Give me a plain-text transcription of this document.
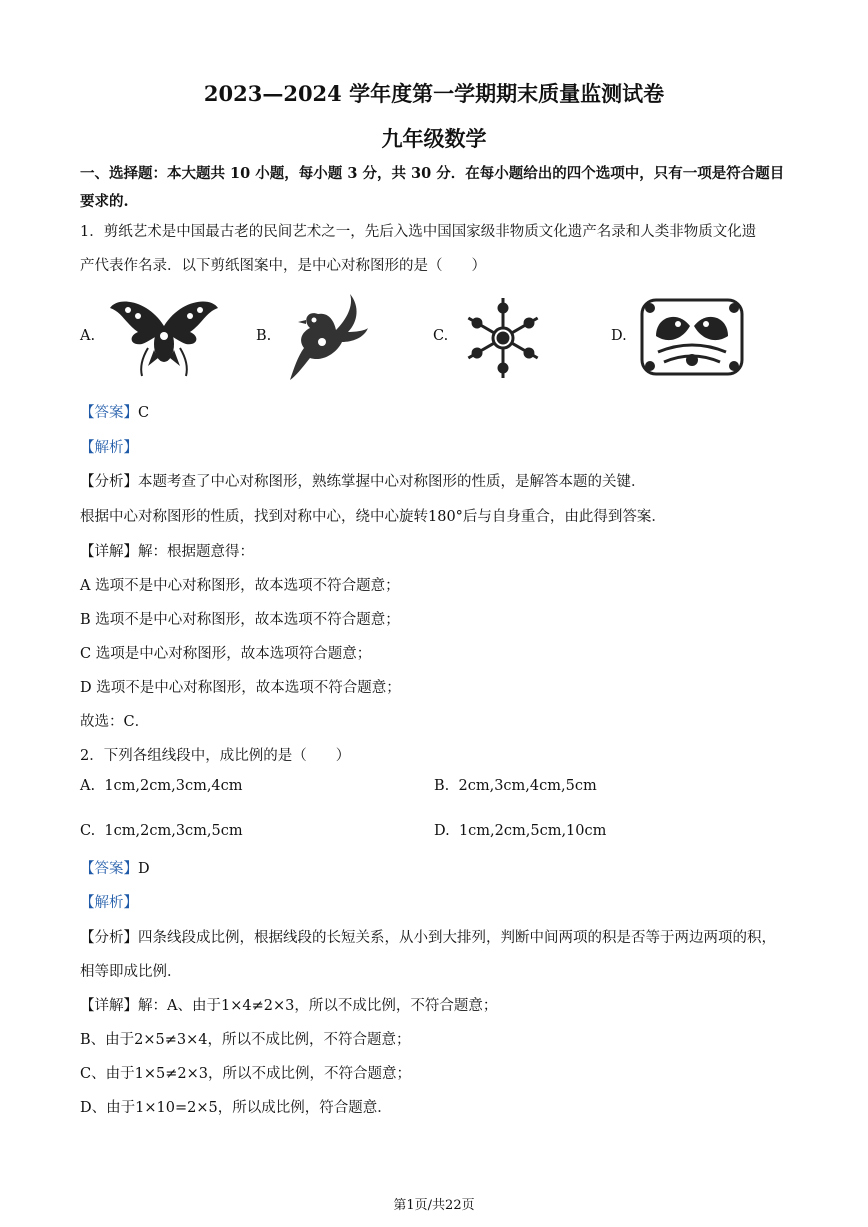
2023—2024 学年度第一学期期末质量监测试卷
九年级数学
一、选择题：本大题共 10 小题，每小题 3 分，共 30 分．在每小题给出的四个选项中，只有一项是符合题目
要求的.
1．剪纸艺术是中国最古老的民间艺术之一，先后入选中国国家级非物质文化遗产名录和人类非物质文化遗
产代表作名录．以下剪纸图案中，是中心对称图形的是（　　）
A.	B.	C.	D.
【答案】C
【解析】
【分析】本题考查了中心对称图形，熟练掌握中心对称图形的性质，是解答本题的关键．
根据中心对称图形的性质，找到对称中心，绕中心旋转180°后与自身重合，由此得到答案．
【详解】解：根据题意得：
A 选项不是中心对称图形，故本选项不符合题意；
B 选项不是中心对称图形，故本选项不符合题意；
C 选项是中心对称图形，故本选项符合题意；
D 选项不是中心对称图形，故本选项不符合题意；
故选：C．
2．下列各组线段中，成比例的是（　　）
A. 1cm,2cm,3cm,4cm	B. 2cm,3cm,4cm,5cm
C. 1cm,2cm,3cm,5cm	D. 1cm,2cm,5cm,10cm
【答案】D
【解析】
【分析】四条线段成比例，根据线段的长短关系，从小到大排列，判断中间两项的积是否等于两边两项的积，
相等即成比例．
【详解】解：A、由于1×4≠2×3，所以不成比例，不符合题意；
B、由于2×5≠3×4，所以不成比例，不符合题意；
C、由于1×5≠2×3，所以不成比例，不符合题意；
D、由于1×10=2×5，所以成比例，符合题意．
第1页/共22页
